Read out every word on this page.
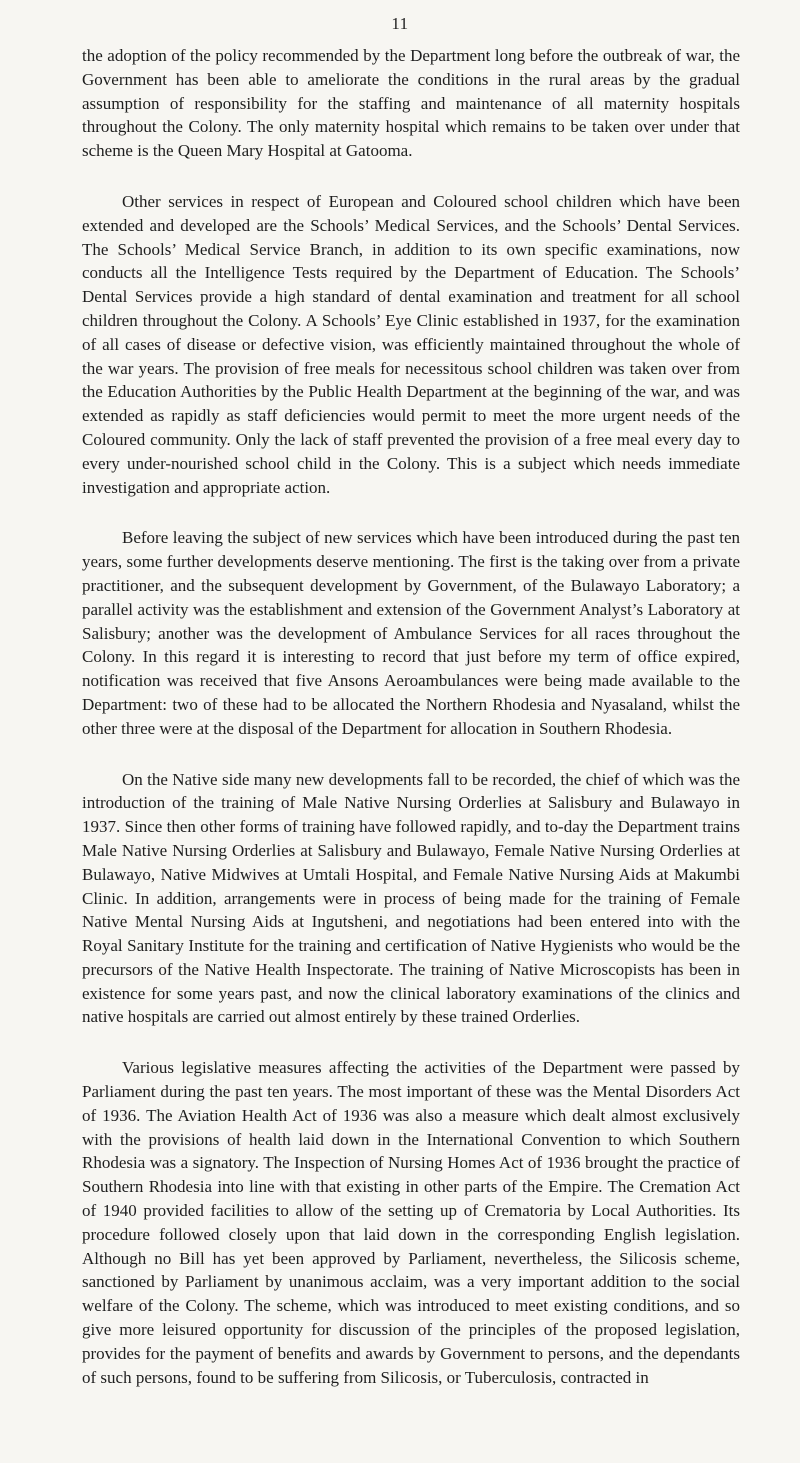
11

the adoption of the policy recommended by the Department long before the outbreak of war, the Government has been able to ameliorate the conditions in the rural areas by the gradual assumption of responsibility for the staffing and maintenance of all maternity hospitals throughout the Colony. The only maternity hospital which remains to be taken over under that scheme is the Queen Mary Hospital at Gatooma.

Other services in respect of European and Coloured school children which have been extended and developed are the Schools’ Medical Services, and the Schools’ Dental Services. The Schools’ Medical Service Branch, in addition to its own specific examinations, now conducts all the Intelligence Tests required by the Department of Education. The Schools’ Dental Services provide a high standard of dental examination and treatment for all school children throughout the Colony. A Schools’ Eye Clinic established in 1937, for the examination of all cases of disease or defective vision, was efficiently maintained throughout the whole of the war years. The provision of free meals for necessitous school children was taken over from the Education Authorities by the Public Health Department at the beginning of the war, and was extended as rapidly as staff deficiencies would permit to meet the more urgent needs of the Coloured community. Only the lack of staff prevented the provision of a free meal every day to every under-nourished school child in the Colony. This is a subject which needs immediate investigation and appropriate action.

Before leaving the subject of new services which have been introduced during the past ten years, some further developments deserve mentioning. The first is the taking over from a private practitioner, and the subsequent development by Government, of the Bulawayo Laboratory; a parallel activity was the establishment and extension of the Government Analyst’s Laboratory at Salisbury; another was the development of Ambulance Services for all races throughout the Colony. In this regard it is interesting to record that just before my term of office expired, notification was received that five Ansons Aeroambulances were being made available to the Department: two of these had to be allocated the Northern Rhodesia and Nyasaland, whilst the other three were at the disposal of the Department for allocation in Southern Rhodesia.

On the Native side many new developments fall to be recorded, the chief of which was the introduction of the training of Male Native Nursing Orderlies at Salisbury and Bulawayo in 1937. Since then other forms of training have followed rapidly, and to-day the Department trains Male Native Nursing Orderlies at Salisbury and Bulawayo, Female Native Nursing Orderlies at Bulawayo, Native Midwives at Umtali Hospital, and Female Native Nursing Aids at Makumbi Clinic. In addition, arrangements were in process of being made for the training of Female Native Mental Nursing Aids at Ingutsheni, and negotiations had been entered into with the Royal Sanitary Institute for the training and certification of Native Hygienists who would be the precursors of the Native Health Inspectorate. The training of Native Microscopists has been in existence for some years past, and now the clinical laboratory examinations of the clinics and native hospitals are carried out almost entirely by these trained Orderlies.

Various legislative measures affecting the activities of the Department were passed by Parliament during the past ten years. The most important of these was the Mental Disorders Act of 1936. The Aviation Health Act of 1936 was also a measure which dealt almost exclusively with the provisions of health laid down in the International Convention to which Southern Rhodesia was a signatory. The Inspection of Nursing Homes Act of 1936 brought the practice of Southern Rhodesia into line with that existing in other parts of the Empire. The Cremation Act of 1940 provided facilities to allow of the setting up of Crematoria by Local Authorities. Its procedure followed closely upon that laid down in the corresponding English legislation. Although no Bill has yet been approved by Parliament, nevertheless, the Silicosis scheme, sanctioned by Parliament by unanimous acclaim, was a very important addition to the social welfare of the Colony. The scheme, which was introduced to meet existing conditions, and so give more leisured opportunity for discussion of the principles of the proposed legislation, provides for the payment of benefits and awards by Government to persons, and the dependants of such persons, found to be suffering from Silicosis, or Tuberculosis, contracted in
